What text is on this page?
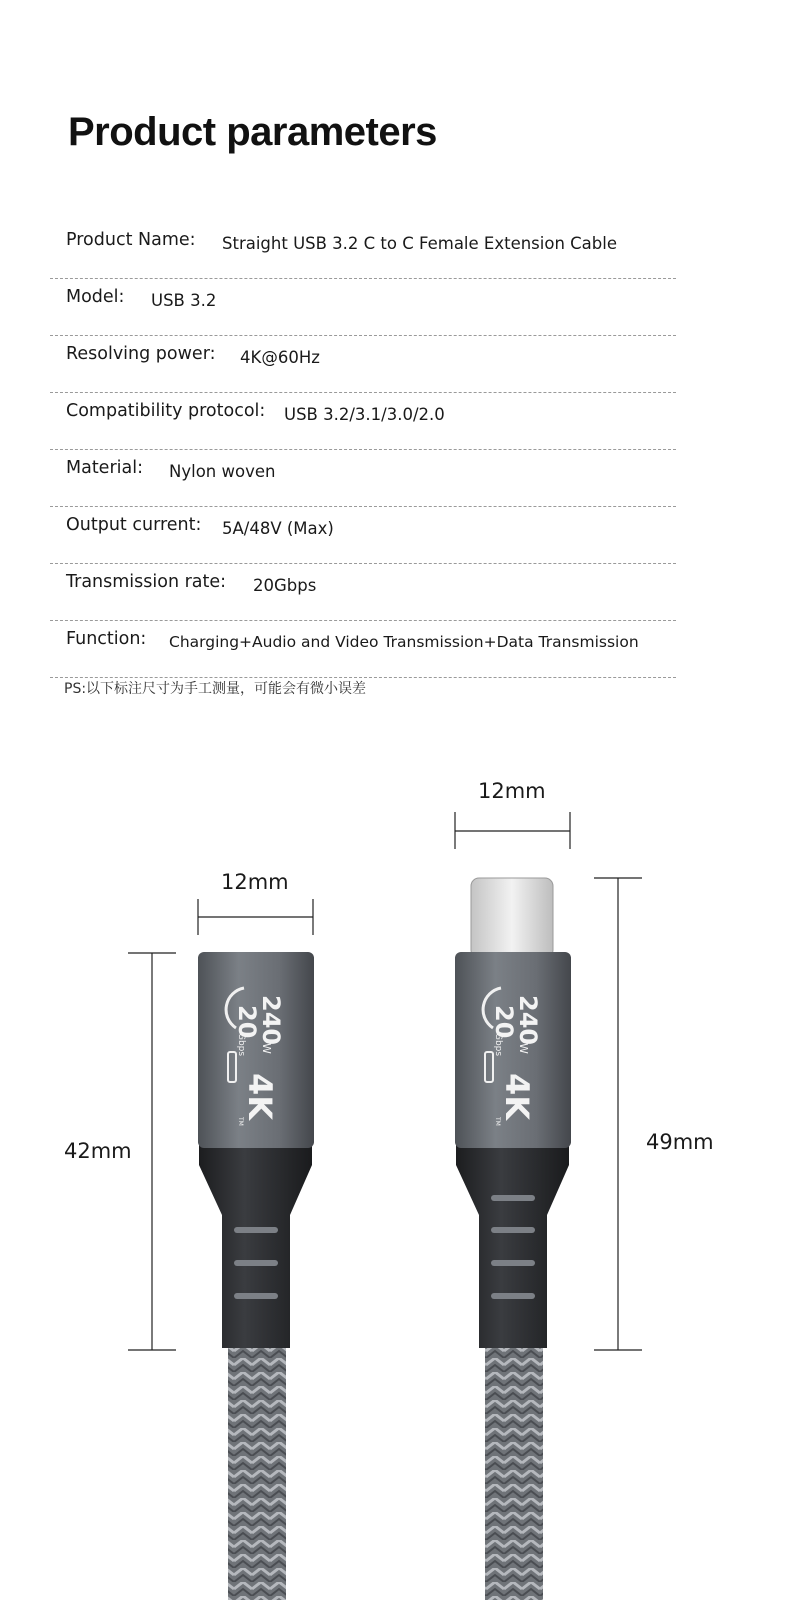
Product parameters
Product Name: Straight USB 3.2 C to C Female Extension Cable
Model: USB 3.2
Resolving power: 4K@60Hz
Compatibility protocol: USB 3.2/3.1/3.0/2.0
Material: Nylon woven
Output current: 5A/48V (Max)
Transmission rate: 20Gbps
Function: Charging+Audio and Video Transmission+Data Transmission
PS:以下标注尺寸为手工测量，可能会有微小误差
12mm
42mm
12mm
49mm
20
Gbps 240
W
4K
TM
20
Gbps 240
W
4K
TM
